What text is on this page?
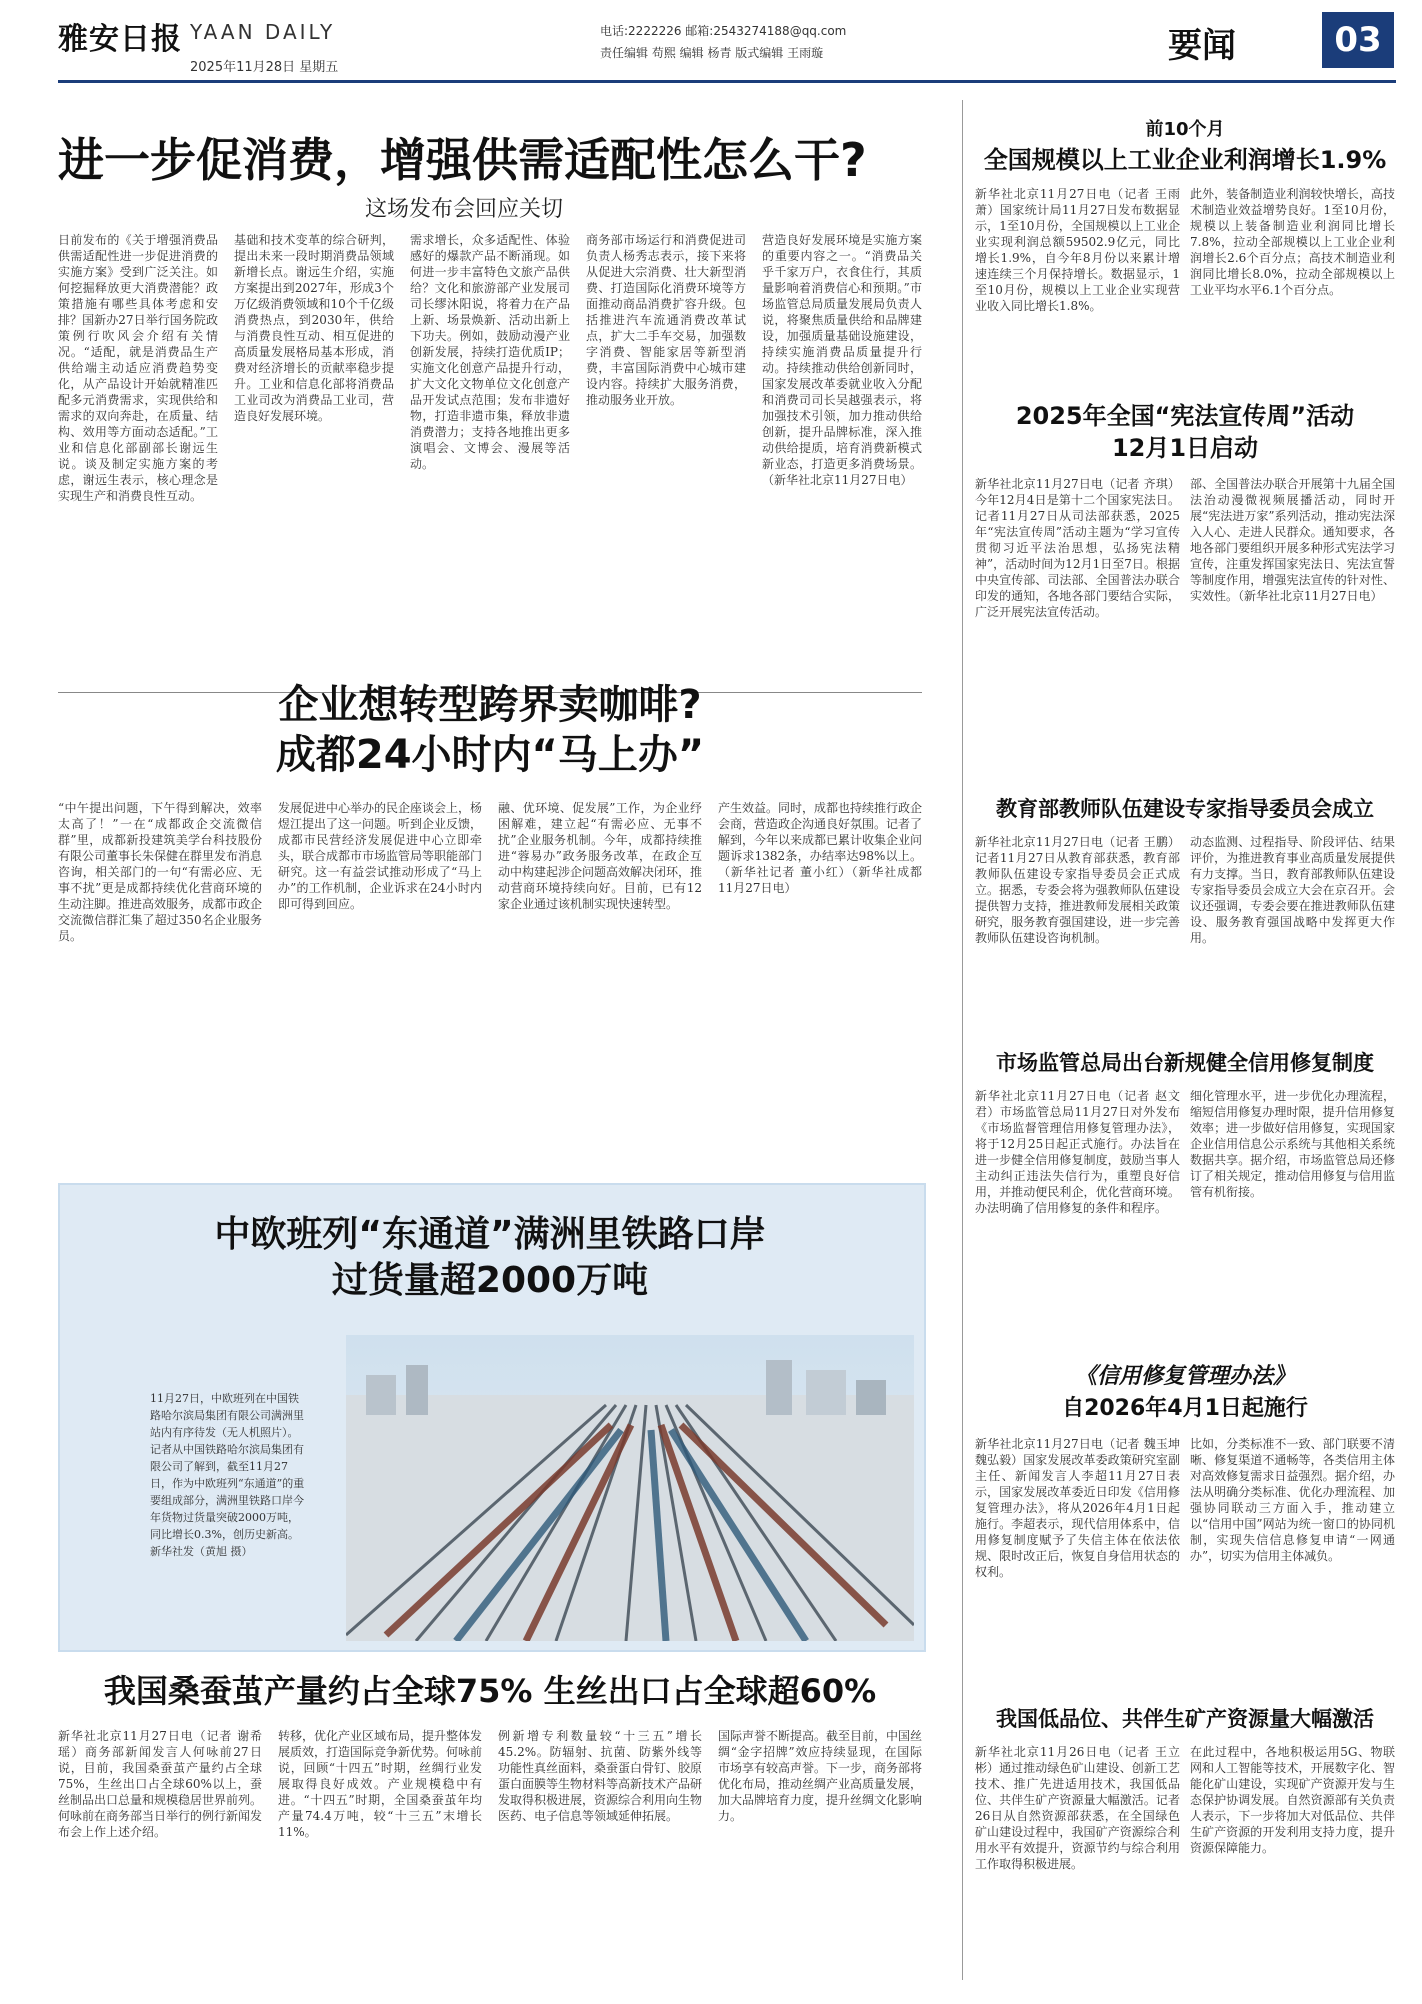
雅安日报 YAAN DAILY
2025年11月28日 星期五
电话:2222226 邮箱:2543274188@qq.com
责任编辑 苟熙 编辑 杨青 版式编辑 王雨璇	要闻	03
进一步促消费，增强供需适配性怎么干?
这场发布会回应关切
日前发布的《关于增强消费品供需适配性进一步促进消费的实施方案》受到广泛关注。如何挖掘释放更大消费潜能？政策措施有哪些具体考虑和安排？国新办27日举行国务院政策例行吹风会介绍有关情况。“适配，就是消费品生产供给端主动适应消费趋势变化，从产品设计开始就精准匹配多元消费需求，实现供给和需求的双向奔赴，在质量、结构、效用等方面动态适配。”工业和信息化部副部长谢远生说。谈及制定实施方案的考虑，谢远生表示，核心理念是实现生产和消费良性互动。
基础和技术变革的综合研判，提出未来一段时期消费品领域新增长点。谢远生介绍，实施方案提出到2027年，形成3个万亿级消费领域和10个千亿级消费热点，到2030年，供给与消费良性互动、相互促进的高质量发展格局基本形成，消费对经济增长的贡献率稳步提升。工业和信息化部将消费品工业司改为消费品工业司，营造良好发展环境。
需求增长，众多适配性、体验感好的爆款产品不断涌现。如何进一步丰富特色文旅产品供给？文化和旅游部产业发展司司长缪沐阳说，将着力在产品上新、场景焕新、活动出新上下功夫。例如，鼓励动漫产业创新发展，持续打造优质IP；实施文化创意产品提升行动，扩大文化文物单位文化创意产品开发试点范围；发布非遗好物，打造非遗市集，释放非遗消费潜力；支持各地推出更多演唱会、文博会、漫展等活动。
商务部市场运行和消费促进司负责人杨秀志表示，接下来将从促进大宗消费、壮大新型消费、打造国际化消费环境等方面推动商品消费扩容升级。包括推进汽车流通消费改革试点，扩大二手车交易，加强数字消费、智能家居等新型消费，丰富国际消费中心城市建设内容。持续扩大服务消费，推动服务业开放。
营造良好发展环境是实施方案的重要内容之一。“消费品关乎千家万户，衣食住行，其质量影响着消费信心和预期。”市场监管总局质量发展局负责人说，将聚焦质量供给和品牌建设，加强质量基础设施建设，持续实施消费品质量提升行动。持续推动供给创新同时，国家发展改革委就业收入分配和消费司司长吴越强表示，将加强技术引领，加力推动供给创新，提升品牌标准，深入推动供给提质，培育消费新模式新业态，打造更多消费场景。（新华社北京11月27日电）
企业想转型跨界卖咖啡?
成都24小时内“马上办”
“中午提出问题，下午得到解决，效率太高了！”一在“成都政企交流微信群”里，成都新投建筑美学台科技股份有限公司董事长朱保健在群里发布消息咨询，相关部门的一句“有需必应、无事不扰”更是成都持续优化营商环境的生动注脚。推进高效服务，成都市政企交流微信群汇集了超过350名企业服务员。
发展促进中心举办的民企座谈会上，杨煜江提出了这一问题。听到企业反馈，成都市民营经济发展促进中心立即牵头，联合成都市市场监管局等职能部门研究。这一有益尝试推动形成了“马上办”的工作机制，企业诉求在24小时内即可得到回应。
融、优环境、促发展”工作，为企业纾困解难，建立起“有需必应、无事不扰”企业服务机制。今年，成都持续推进“蓉易办”政务服务改革，在政企互动中构建起涉企问题高效解决闭环，推动营商环境持续向好。目前，已有12家企业通过该机制实现快速转型。
产生效益。同时，成都也持续推行政企会商，营造政企沟通良好氛围。记者了解到，今年以来成都已累计收集企业问题诉求1382条，办结率达98%以上。（新华社记者 董小红）（新华社成都11月27日电）
中欧班列“东通道”满洲里铁路口岸
过货量超2000万吨
11月27日，中欧班列在中国铁路哈尔滨局集团有限公司满洲里站内有序待发（无人机照片）。记者从中国铁路哈尔滨局集团有限公司了解到，截至11月27日，作为中欧班列“东通道”的重要组成部分，满洲里铁路口岸今年货物过货量突破2000万吨，同比增长0.3%，创历史新高。 新华社发（黄旭 摄）
我国桑蚕茧产量约占全球75% 生丝出口占全球超60%
新华社北京11月27日电（记者 谢希瑶）商务部新闻发言人何咏前27日说，目前，我国桑蚕茧产量约占全球75%，生丝出口占全球60%以上，蚕丝制品出口总量和规模稳居世界前列。何咏前在商务部当日举行的例行新闻发布会上作上述介绍。
转移，优化产业区域布局，提升整体发展质效，打造国际竞争新优势。何咏前说，回顾“十四五”时期，丝绸行业发展取得良好成效。产业规模稳中有进。“十四五”时期，全国桑蚕茧年均产量74.4万吨，较“十三五”末增长11%。
例新增专利数量较“十三五”增长45.2%。防辐射、抗菌、防紫外线等功能性真丝面料，桑蚕蛋白骨钉、胶原蛋白面膜等生物材料等高新技术产品研发取得积极进展，资源综合利用向生物医药、电子信息等领域延伸拓展。
国际声誉不断提高。截至目前，中国丝绸“金字招牌”效应持续显现，在国际市场享有较高声誉。下一步，商务部将优化布局，推动丝绸产业高质量发展，加大品牌培育力度，提升丝绸文化影响力。
前10个月
全国规模以上工业企业利润增长1.9%
新华社北京11月27日电（记者 王雨萧）国家统计局11月27日发布数据显示，1至10月份，全国规模以上工业企业实现利润总额59502.9亿元，同比增长1.9%，自今年8月份以来累计增速连续三个月保持增长。数据显示，1至10月份，规模以上工业企业实现营业收入同比增长1.8%。
此外，装备制造业利润较快增长，高技术制造业效益增势良好。1至10月份，规模以上装备制造业利润同比增长7.8%，拉动全部规模以上工业企业利润增长2.6个百分点；高技术制造业利润同比增长8.0%，拉动全部规模以上工业平均水平6.1个百分点。
2025年全国“宪法宣传周”活动
12月1日启动
新华社北京11月27日电（记者 齐琪）今年12月4日是第十二个国家宪法日。记者11月27日从司法部获悉，2025年“宪法宣传周”活动主题为“学习宣传贯彻习近平法治思想，弘扬宪法精神”，活动时间为12月1日至7日。根据中央宣传部、司法部、全国普法办联合印发的通知，各地各部门要结合实际，广泛开展宪法宣传活动。
部、全国普法办联合开展第十九届全国法治动漫微视频展播活动，同时开展“宪法进万家”系列活动，推动宪法深入人心、走进人民群众。通知要求，各地各部门要组织开展多种形式宪法学习宣传，注重发挥国家宪法日、宪法宣誓等制度作用，增强宪法宣传的针对性、实效性。（新华社北京11月27日电）
教育部教师队伍建设专家指导委员会成立
新华社北京11月27日电（记者 王鹏）记者11月27日从教育部获悉，教育部教师队伍建设专家指导委员会正式成立。据悉，专委会将为强教师队伍建设提供智力支持，推进教师发展相关政策研究，服务教育强国建设，进一步完善教师队伍建设咨询机制。
动态监测、过程指导、阶段评估、结果评价，为推进教育事业高质量发展提供有力支撑。当日，教育部教师队伍建设专家指导委员会成立大会在京召开。会议还强调，专委会要在推进教师队伍建设、服务教育强国战略中发挥更大作用。
市场监管总局出台新规健全信用修复制度
新华社北京11月27日电（记者 赵文君）市场监管总局11月27日对外发布《市场监督管理信用修复管理办法》，将于12月25日起正式施行。办法旨在进一步健全信用修复制度，鼓励当事人主动纠正违法失信行为，重塑良好信用，并推动便民利企，优化营商环境。办法明确了信用修复的条件和程序。
细化管理水平，进一步优化办理流程，缩短信用修复办理时限，提升信用修复效率；进一步做好信用修复，实现国家企业信用信息公示系统与其他相关系统数据共享。据介绍，市场监管总局还修订了相关规定，推动信用修复与信用监管有机衔接。
《信用修复管理办法》
自2026年4月1日起施行
新华社北京11月27日电（记者 魏玉坤 魏弘毅）国家发展改革委政策研究室副主任、新闻发言人李超11月27日表示，国家发展改革委近日印发《信用修复管理办法》，将从2026年4月1日起施行。李超表示，现代信用体系中，信用修复制度赋予了失信主体在依法依规、限时改正后，恢复自身信用状态的权利。
比如，分类标准不一致、部门联要不清晰、修复渠道不通畅等，各类信用主体对高效修复需求日益强烈。据介绍，办法从明确分类标准、优化办理流程、加强协同联动三方面入手，推动建立以“信用中国”网站为统一窗口的协同机制，实现失信信息修复申请“一网通办”，切实为信用主体减负。
我国低品位、共伴生矿产资源量大幅激活
新华社北京11月26日电（记者 王立彬）通过推动绿色矿山建设、创新工艺技术、推广先进适用技术，我国低品位、共伴生矿产资源量大幅激活。记者26日从自然资源部获悉，在全国绿色矿山建设过程中，我国矿产资源综合利用水平有效提升，资源节约与综合利用工作取得积极进展。
在此过程中，各地积极运用5G、物联网和人工智能等技术，开展数字化、智能化矿山建设，实现矿产资源开发与生态保护协调发展。自然资源部有关负责人表示，下一步将加大对低品位、共伴生矿产资源的开发利用支持力度，提升资源保障能力。
